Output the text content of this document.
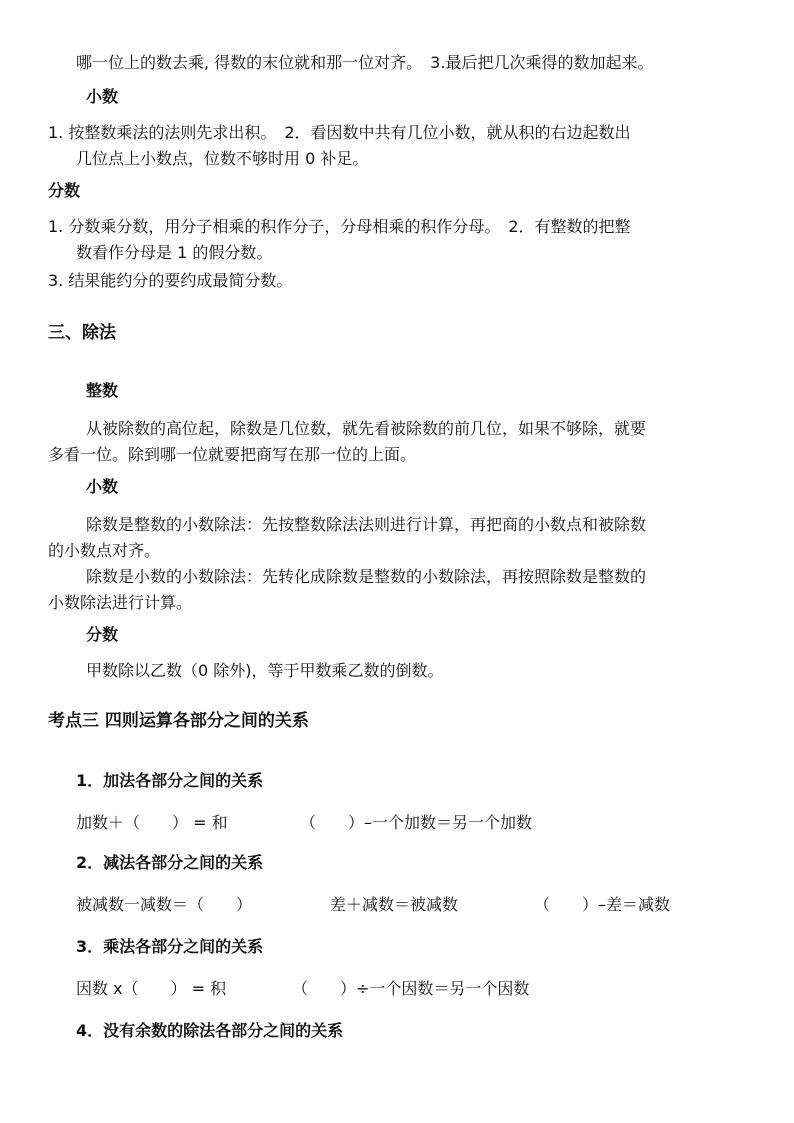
哪一位上的数去乘, 得数的末位就和那一位对齐。　3.最后把几次乘得的数加起来。
小数
1. 按整数乘法的法则先求出积。　2．看因数中共有几位小数，就从积的右边起数出
几位点上小数点，位数不够时用 0 补足。
分数
1. 分数乘分数，用分子相乘的积作分子，分母相乘的积作分母。　2．有整数的把整
数看作分母是 1 的假分数。
3. 结果能约分的要约成最简分数。
三、除法
整数
从被除数的高位起，除数是几位数，就先看被除数的前几位，如果不够除，就要
多看一位。除到哪一位就要把商写在那一位的上面。
小数
除数是整数的小数除法：先按整数除法法则进行计算，再把商的小数点和被除数
的小数点对齐。
除数是小数的小数除法：先转化成除数是整数的小数除法，再按照除数是整数的
小数除法进行计算。
分数
甲数除以乙数（0 除外)，等于甲数乘乙数的倒数。
考点三 四则运算各部分之间的关系
1．加法各部分之间的关系
加数＋（　　） = 和	（　　）–一个加数＝另一个加数
2．减法各部分之间的关系
被减数一减数＝（　　）	差＋减数＝被减数	（　　）–差＝减数
3．乘法各部分之间的关系
因数 x（　　） = 积	（　　）÷一个因数＝另一个因数
4．没有余数的除法各部分之间的关系
